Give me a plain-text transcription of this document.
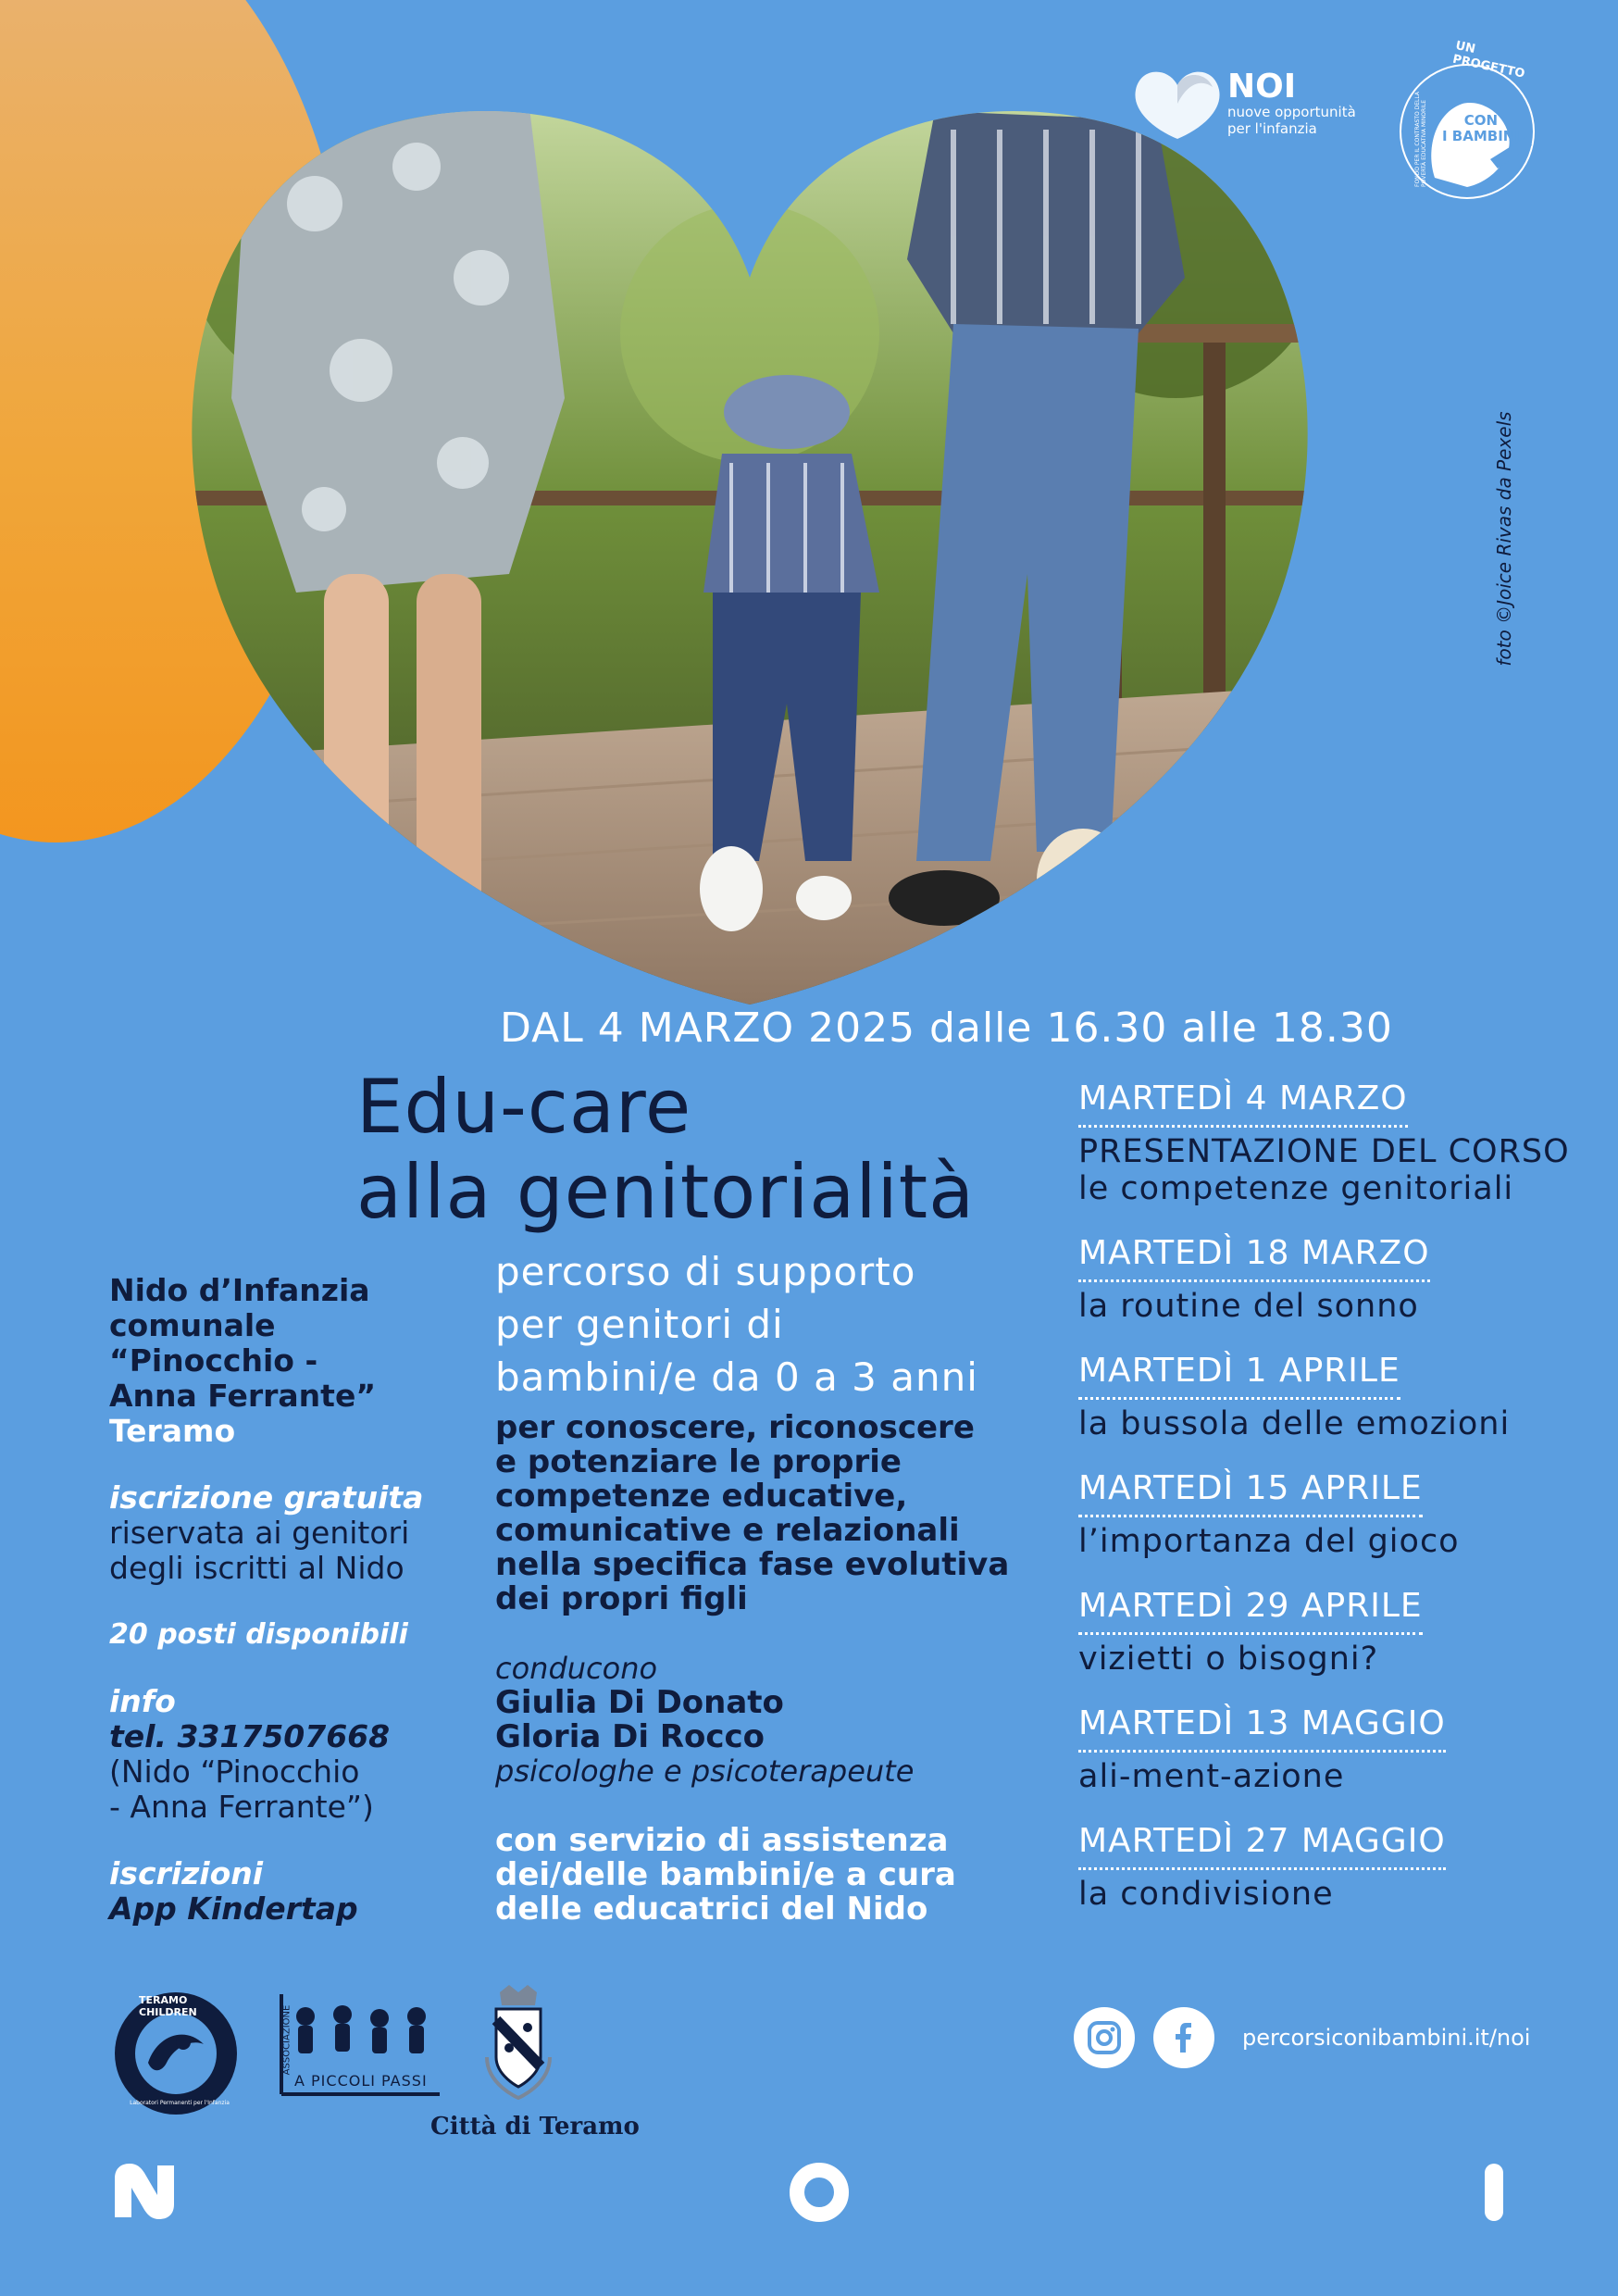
foto ©Joice Rivas da Pexels
NOI
nuove opportunità
per l'infanzia
UN PROGETTO
CON
I BAMBINI
FONDO PER IL CONTRASTO DELLA POVERTÀ EDUCATIVA MINORILE
DAL 4 MARZO 2025 dalle 16.30 alle 18.30
Edu-care
alla genitorialità

Nido d’Infanzia
comunale
“Pinocchio -
Anna Ferrante”
Teramo

iscrizione gratuita
riservata ai genitori
degli iscritti al Nido

20 posti disponibili

info
tel. 3317507668
(Nido “Pinocchio
- Anna Ferrante”)

iscrizioni
App Kindertap

percorso di supporto
per genitori di
bambini/e da 0 a 3 anni
per conoscere, riconoscere
e potenziare le proprie
competenze educative,
comunicative e relazionali
nella specifica fase evolutiva
dei propri figli
conducono
Giulia Di Donato
Gloria Di Rocco
psicologhe e psicoterapeute
con servizio di assistenza
dei/delle bambini/e a cura
delle educatrici del Nido
MARTEDÌ 4 MARZO
PRESENTAZIONE DEL CORSO
le competenze genitoriali
MARTEDÌ 18 MARZO
la routine del sonno
MARTEDÌ 1 APRILE
la bussola delle emozioni
MARTEDÌ 15 APRILE
l’importanza del gioco
MARTEDÌ 29 APRILE
vizietti o bisogni?
MARTEDÌ 13 MAGGIO
ali-ment-azione
MARTEDÌ 27 MAGGIO
la condivisione
percorsiconibambini.it/noi
TERAMO CHILDREN
Laboratori Permanenti per l'Infanzia
ASSOCIAZIONE
A PICCOLI PASSI
Città di Teramo
